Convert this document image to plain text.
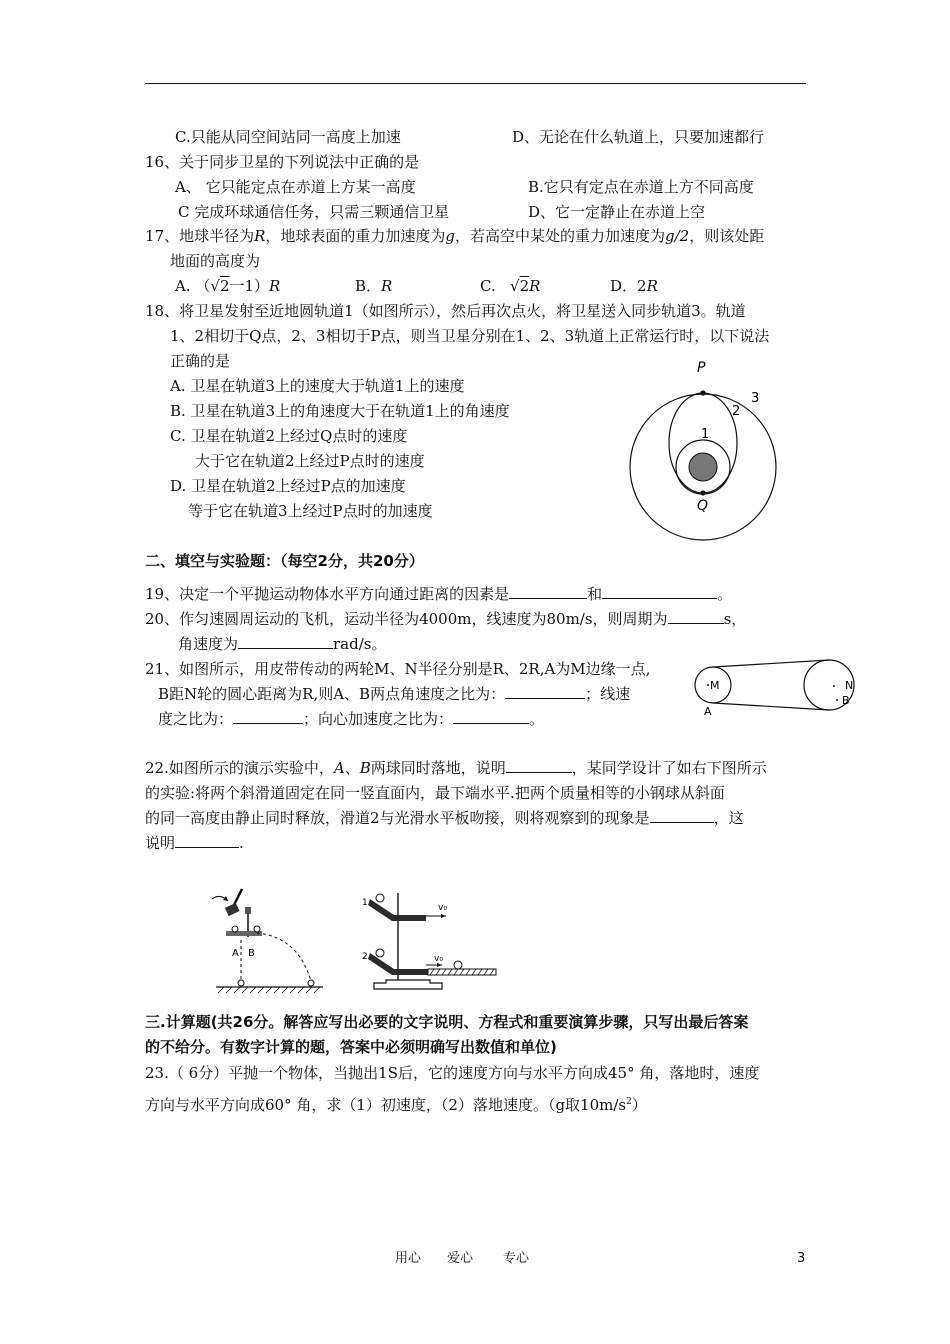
C.只能从同空间站同一高度上加速	D、无论在什么轨道上，只要加速都行
16、关于同步卫星的下列说法中正确的是
A、 它只能定点在赤道上方某一高度	B.它只有定点在赤道上方不同高度
C 完成环球通信任务，只需三颗通信卫星	D、它一定静止在赤道上空
17、地球半径为R，地球表面的重力加速度为g，若高空中某处的重力加速度为g/2，则该处距
地面的高度为
A. （√2一1）R	B．R	C. √2R	D．2R
18、将卫星发射至近地圆轨道1（如图所示），然后再次点火，将卫星送入同步轨道3。轨道
1、2相切于Q点，2、3相切于P点，则当卫星分别在1、2、3轨道上正常运行时，以下说法
正确的是
A. 卫星在轨道3上的速度大于轨道1上的速度
B. 卫星在轨道3上的角速度大于在轨道1上的角速度
C. 卫星在轨道2上经过Q点时的速度
大于它在轨道2上经过P点时的速度
D. 卫星在轨道2上经过P点的加速度
等于它在轨道3上经过P点时的加速度
P
Q
1
2
3
二、填空与实验题：（每空2分，共20分）
19、决定一个平抛运动物体水平方向通过距离的因素是	和	。
20、作匀速圆周运动的飞机，运动半径为4000m，线速度为80m/s，则周期为	s，
角速度为	rad/s。
21、如图所示，用皮带传动的两轮M、N半径分别是R、2R,A为M边缘一点,
B距N轮的圆心距离为R,则A、B两点角速度之比为：	；线速
度之比为：	；向心加速度之比为：	。
M	N
B
A
22.如图所示的演示实验中，A、B两球同时落地，说明	，某同学设计了如右下图所示
的实验:将两个斜滑道固定在同一竖直面内，最下端水平.把两个质量相等的小钢球从斜面
的同一高度由静止同时释放，滑道2与光滑水平板吻接，则将观察到的现象是	，这
说明	.
A B
1
2
v₀
v₀
三.计算题(共26分。解答应写出必要的文字说明、方程式和重要演算步骤，只写出最后答案
的不给分。有数字计算的题，答案中必须明确写出数值和单位)
23.（ 6分）平抛一个物体，当抛出1S后，它的速度方向与水平方向成45° 角，落地时，速度
方向与水平方向成60° 角，求（1）初速度，（2）落地速度。（g取$10m/s^2$）
用心 爱心 专心	3
